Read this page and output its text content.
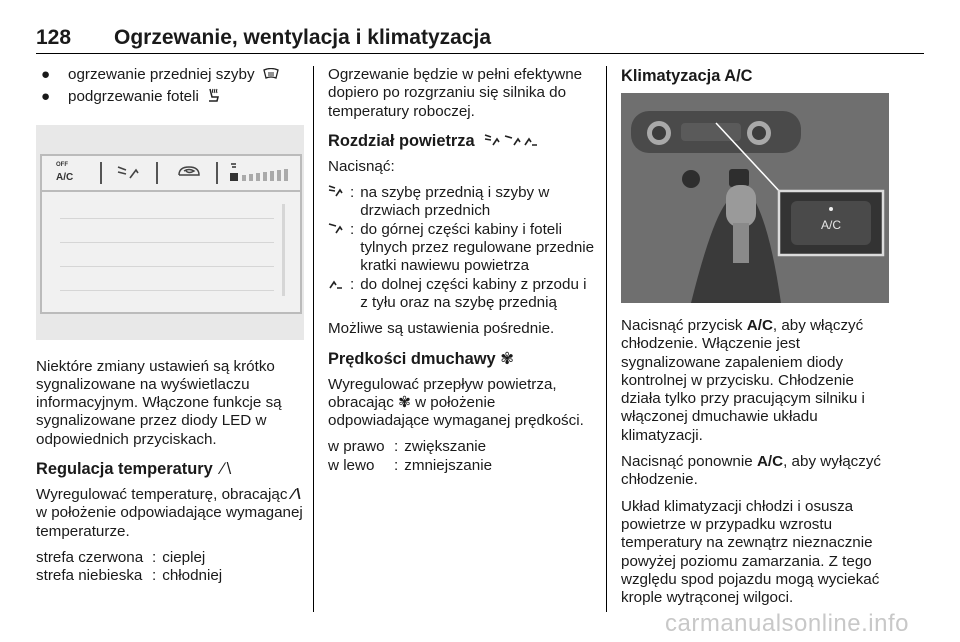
128 Ogrzewanie, wentylacja i klimatyzacja
● ogrzewanie przedniej szyby
● podgrzewanie foteli
OFF
A/C

Niektóre zmiany ustawień są krótko sygnalizowane na wyświetlaczu informacyjnym. Włączone funkcje są sygnalizowane przez diody LED w odpowiednich przyciskach.

Regulacja temperatury ⁄ \

Wyregulować temperaturę, obracając ⁄ \ w położenie odpowiadające wymaganej temperaturze.

strefa czerwona	:	cieplej
strefa niebieska	:	chłodniej

Ogrzewanie będzie w pełni efektywne dopiero po rozgrzaniu się silnika do temperatury roboczej.

Rozdział powietrza

Nacisnąć:

	:	na szybę przednią i szyby w drzwiach przednich
	:	do górnej części kabiny i foteli tylnych przez regulowane przednie kratki nawiewu powietrza
	:	do dolnej części kabiny z przodu i z tyłu oraz na szybę przednią

Możliwe są ustawienia pośrednie.

Prędkości dmuchawy ✾

Wyregulować przepływ powietrza, obracając ✾ w położenie odpowiadające wymaganej prędkości.

w prawo	:	zwiększanie
w lewo	:	zmniejszanie
Klimatyzacja A/C
A/C

Nacisnąć przycisk A/C, aby włączyć chłodzenie. Włączenie jest sygnalizowane zapaleniem diody kontrolnej w przycisku. Chłodzenie działa tylko przy pracującym silniku i włączonej dmuchawie układu klimatyzacji.

Nacisnąć ponownie A/C, aby wyłączyć chłodzenie.

Układ klimatyzacji chłodzi i osusza powietrze w przypadku wzrostu temperatury na zewnątrz nieznacznie powyżej poziomu zamarzania. Z tego względu spod pojazdu mogą wyciekać krople wytrąconej wilgoci.

carmanualsonline.info
